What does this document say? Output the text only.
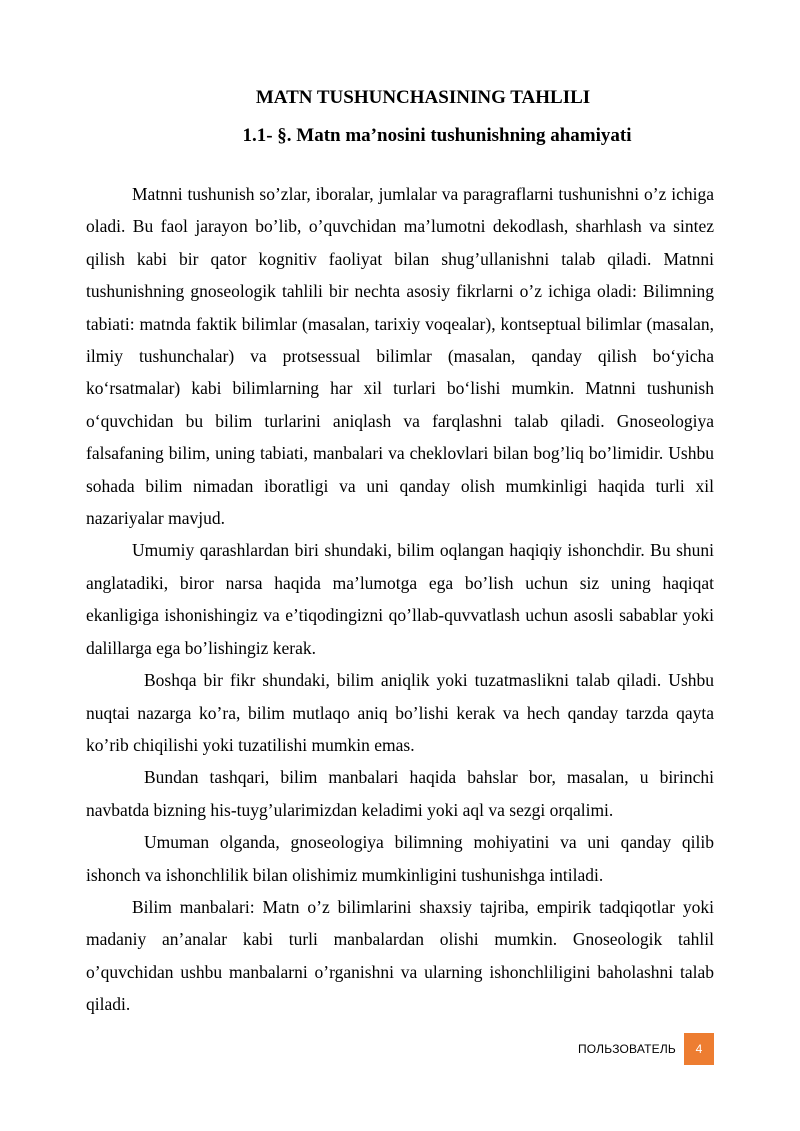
MATN TUSHUNCHASINING TAHLILI
1.1- §. Matn ma’nosini tushunishning ahamiyati

Matnni tushunish so’zlar, iboralar, jumlalar va paragraflarni tushunishni o’z ichiga oladi. Bu faol jarayon bo’lib, o’quvchidan ma’lumotni dekodlash, sharhlash va sintez qilish kabi bir qator kognitiv faoliyat bilan shug’ullanishni talab qiladi. Matnni tushunishning gnoseologik tahlili bir nechta asosiy fikrlarni o’z ichiga oladi: Bilimning tabiati: matnda faktik bilimlar (masalan, tarixiy voqealar), kontseptual bilimlar (masalan, ilmiy tushunchalar) va protsessual bilimlar (masalan, qanday qilish bo‘yicha ko‘rsatmalar) kabi bilimlarning har xil turlari bo‘lishi mumkin. Matnni tushunish o‘quvchidan bu bilim turlarini aniqlash va farqlashni talab qiladi. Gnoseologiya falsafaning bilim, uning tabiati, manbalari va cheklovlari bilan bog’liq bo’limidir. Ushbu sohada bilim nimadan iboratligi va uni qanday olish mumkinligi haqida turli xil nazariyalar mavjud.

Umumiy qarashlardan biri shundaki, bilim oqlangan haqiqiy ishonchdir. Bu shuni anglatadiki, biror narsa haqida ma’lumotga ega bo’lish uchun siz uning haqiqat ekanligiga ishonishingiz va e’tiqodingizni qo’llab-quvvatlash uchun asosli sabablar yoki dalillarga ega bo’lishingiz kerak.

Boshqa bir fikr shundaki, bilim aniqlik yoki tuzatmaslikni talab qiladi. Ushbu nuqtai nazarga ko’ra, bilim mutlaqo aniq bo’lishi kerak va hech qanday tarzda qayta ko’rib chiqilishi yoki tuzatilishi mumkin emas.

Bundan tashqari, bilim manbalari haqida bahslar bor, masalan, u birinchi navbatda bizning his-tuyg’ularimizdan keladimi yoki aql va sezgi orqalimi.

Umuman olganda, gnoseologiya bilimning mohiyatini va uni qanday qilib ishonch va ishonchlilik bilan olishimiz mumkinligini tushunishga intiladi.

Bilim manbalari: Matn o’z bilimlarini shaxsiy tajriba, empirik tadqiqotlar yoki madaniy an’analar kabi turli manbalardan olishi mumkin. Gnoseologik tahlil o’quvchidan ushbu manbalarni o’rganishni va ularning ishonchliligini baholashni talab qiladi.

ПОЛЬЗОВАТЕЛЬ	4
